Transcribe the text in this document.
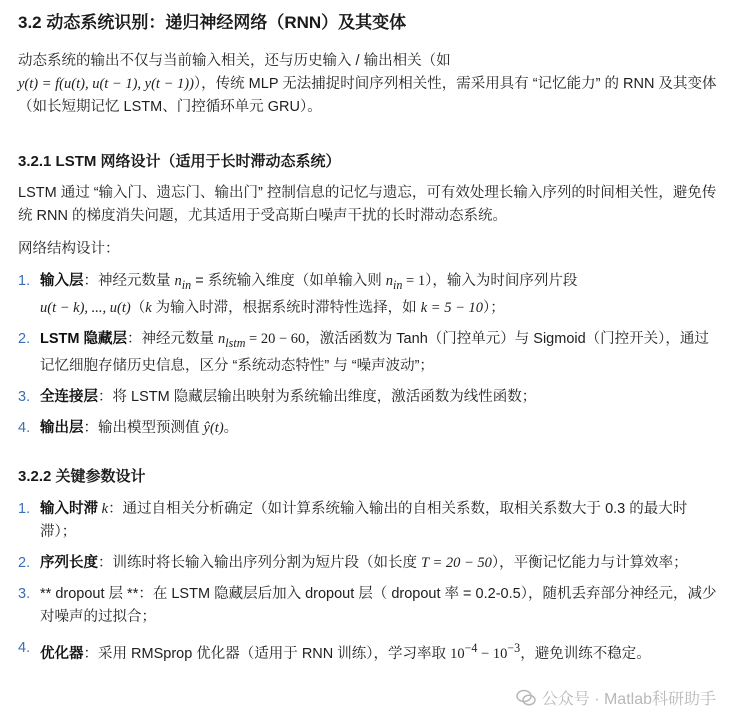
3.2 动态系统识别：递归神经网络（RNN）及其变体

动态系统的输出不仅与当前输入相关，还与历史输入 / 输出相关（如
y(t) = f(u(t), u(t − 1), y(t − 1))），传统 MLP 无法捕捉时间序列相关性，需采用具有 “记忆能力” 的 RNN 及其变体（如长短期记忆 LSTM、门控循环单元 GRU）。

3.2.1 LSTM 网络设计（适用于长时滞动态系统）

LSTM 通过 “输入门、遗忘门、输出门” 控制信息的记忆与遗忘，可有效处理长输入序列的时间相关性，避免传统 RNN 的梯度消失问题，尤其适用于受高斯白噪声干扰的长时滞动态系统。

网络结构设计：

1. 输入层：神经元数量 $n_{in}$ = 系统输入维度（如单输入则 $n_{in} = 1$），输入为时间序列片段
u(t − k), ..., u(t)（k 为输入时滞，根据系统时滞特性选择，如 k = 5 − 10）；
2. LSTM 隐藏层：神经元数量 $n_{lstm} = 20 - 60$，激活函数为 Tanh（门控单元）与 Sigmoid（门控开关），通过记忆细胞存储历史信息，区分 “系统动态特性” 与 “噪声波动”；
3. 全连接层：将 LSTM 隐藏层输出映射为系统输出维度，激活函数为线性函数；
4. 输出层：输出模型预测值 ŷ(t)。
3.2.2 关键参数设计
1. 输入时滞 k：通过自相关分析确定（如计算系统输入输出的自相关系数，取相关系数大于 0.3 的最大时滞）；
2. 序列长度：训练时将长输入输出序列分割为短片段（如长度 T = 20 − 50），平衡记忆能力与计算效率；
3. ** dropout 层 **：在 LSTM 隐藏层后加入 dropout 层（ dropout 率 = 0.2-0.5），随机丢弃部分神经元，减少对噪声的过拟合；
4. 优化器：采用 RMSprop 优化器（适用于 RNN 训练），学习率取 $10^{-4} - 10^{-3}$，避免训练不稳定。
公众号 · Matlab科研助手
